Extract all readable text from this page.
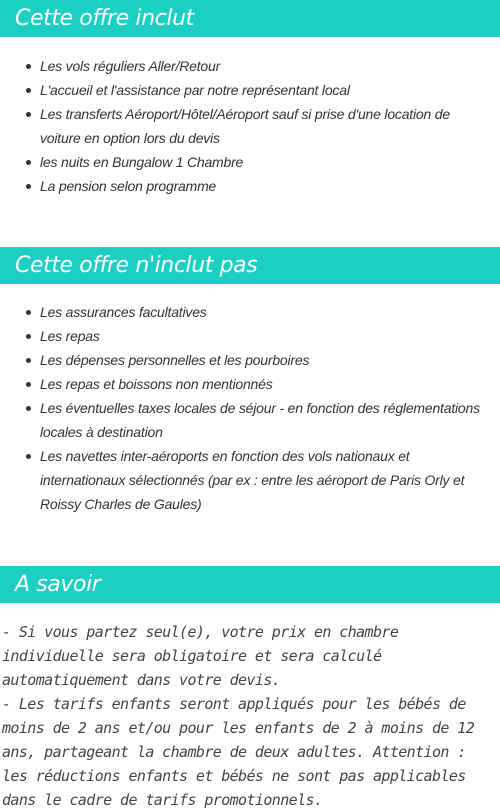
Cette offre inclut
Les vols réguliers Aller/Retour
L'accueil et l'assistance par notre représentant local
Les transferts Aéroport/Hôtel/Aéroport sauf si prise d'une location de voiture en option lors du devis
les nuits en Bungalow 1 Chambre
La pension selon programme
Cette offre n'inclut pas
Les assurances facultatives
Les repas
Les dépenses personnelles et les pourboires
Les repas et boissons non mentionnés
Les éventuelles taxes locales de séjour - en fonction des réglementations locales à destination
Les navettes inter-aéroports en fonction des vols nationaux et internationaux sélectionnés (par ex : entre les aéroport de Paris Orly et Roissy Charles de Gaules)
A savoir

- Si vous partez seul(e), votre prix en chambre individuelle sera obligatoire et sera calculé automatiquement dans votre devis.

- Les tarifs enfants seront appliqués pour les bébés de moins de 2 ans et/ou pour les enfants de 2 à moins de 12 ans, partageant la chambre de deux adultes. Attention : les réductions enfants et bébés ne sont pas applicables dans le cadre de tarifs promotionnels.
